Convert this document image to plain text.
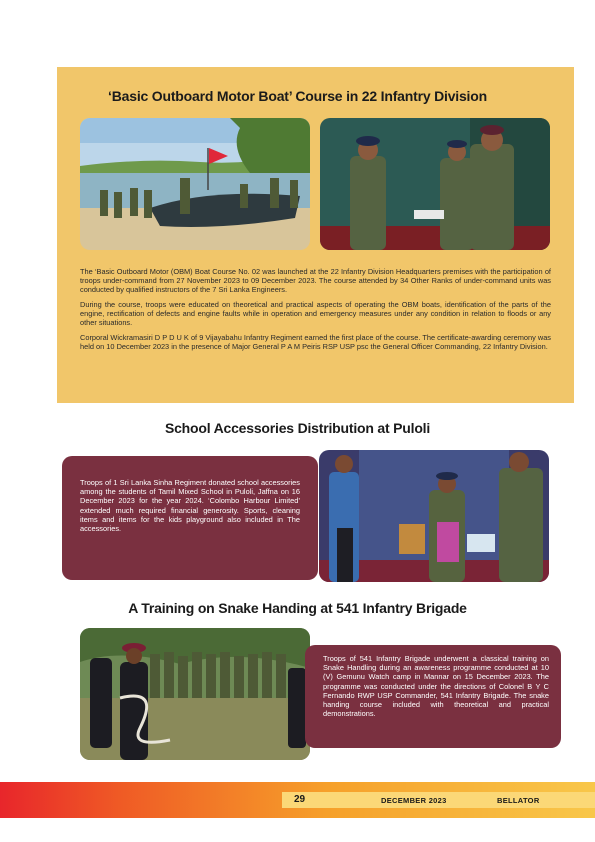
‘Basic Outboard Motor Boat’ Course in 22 Infantry Division

The ‘Basic Outboard Motor (OBM) Boat Course No. 02 was launched at the 22 Infantry Division Headquarters premises with the participation of troops under-command from 27 November 2023 to 09 December 2023. The course attended by 34 Other Ranks of under-command units was conducted by qualified instructors of the 7 Sri Lanka Engineers.

During the course, troops were educated on theoretical and practical aspects of operating the OBM boats, identification of the parts of the engine, rectification of defects and engine faults while in operation and emergency measures under any condition in relation to floods or any other situations.

Corporal Wickramasiri D P D U K of 9 Vijayabahu Infantry Regiment earned the first place of the course. The certificate-awarding ceremony was held on 10 December 2023 in the presence of Major General P A M Peiris RSP USP psc the General Officer Commanding, 22 Infantry Division.

School Accessories Distribution at Puloli
Troops of 1 Sri Lanka Sinha Regiment donated school accessories among the students of Tamil Mixed School in Puloli, Jaffna on 16 December 2023 for the year 2024. ‘Colombo Harbour Limited’ extended much required financial generosity. Sports, cleaning items and items for the kids playground also included in The accessories.
A Training on Snake Handing at 541 Infantry Brigade
Troops of 541 Infantry Brigade underwent a classical training on Snake Handling during an awareness programme conducted at 10 (V) Gemunu Watch camp in Mannar on 15 December 2023. The programme was conducted under the directions of Colonel B Y C Fernando RWP USP Commander, 541 Infantry Brigade. The snake handing course included with theoretical and practical demonstrations.
29	DECEMBER 2023	BELLATOR
